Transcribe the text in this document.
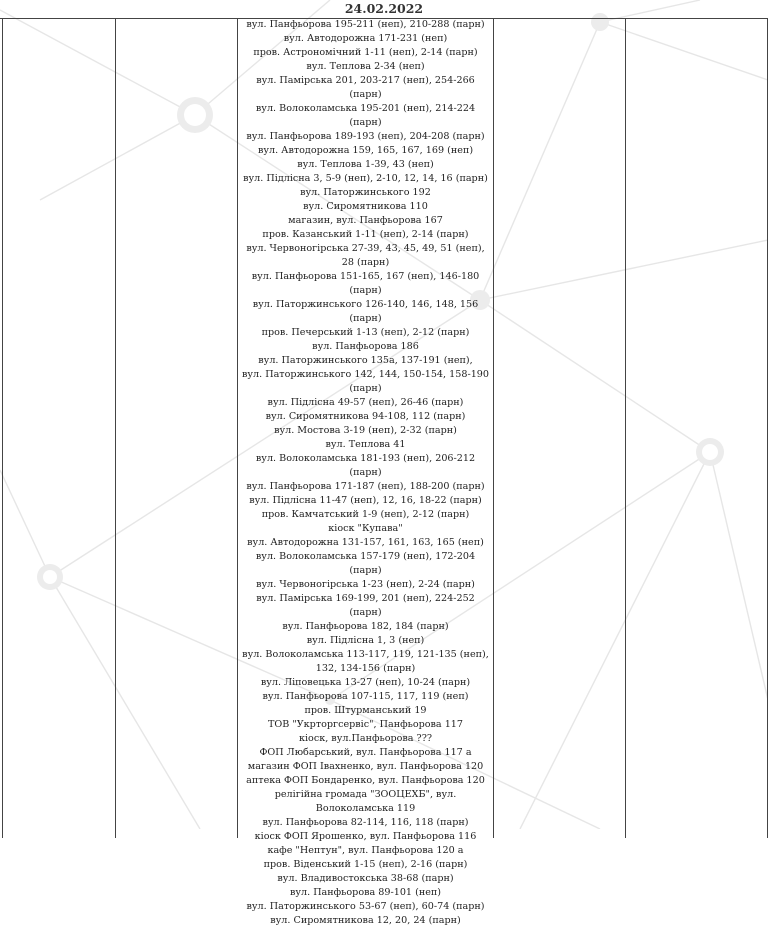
24.02.2022
вул. Панфьорова 195-211 (неп), 210-288 (парн)
вул. Автодорожна 171-231 (неп)
пров. Астрономічний 1-11 (неп), 2-14 (парн)
вул. Теплова 2-34 (неп)
вул. Памірська 201, 203-217 (неп), 254-266 (парн)
вул. Волоколамська 195-201 (неп), 214-224 (парн)
вул. Панфьорова 189-193 (неп), 204-208 (парн)
вул. Автодорожна 159, 165, 167, 169 (неп)
вул. Теплова 1-39, 43 (неп)
вул. Підлісна 3, 5-9 (неп), 2-10, 12, 14, 16 (парн)
вул. Паторжинського 192
вул. Сиромятникова 110
магазин, вул. Панфьорова 167
пров. Казанський 1-11 (неп), 2-14 (парн)
вул. Червоногірська 27-39, 43, 45, 49, 51 (неп), 28 (парн)
вул. Панфьорова 151-165, 167 (неп), 146-180 (парн)
вул. Паторжинського 126-140, 146, 148, 156 (парн)
пров. Печерський 1-13 (неп), 2-12 (парн)
вул. Панфьорова 186
вул. Паторжинського 135а, 137-191 (неп),
вул. Паторжинського 142, 144, 150-154, 158-190 (парн)
вул. Підлісна 49-57 (неп), 26-46 (парн)
вул. Сиромятникова 94-108, 112 (парн)
вул. Мостова 3-19 (неп), 2-32 (парн)
вул. Теплова 41
вул. Волоколамська 181-193 (неп), 206-212 (парн)
вул. Панфьорова 171-187 (неп), 188-200 (парн)
вул. Підлісна 11-47 (неп), 12, 16, 18-22 (парн)
пров. Камчатський 1-9 (неп), 2-12 (парн)
кіоск "Купава"
вул. Автодорожна 131-157, 161, 163, 165 (неп)
вул. Волоколамська 157-179 (неп), 172-204 (парн)
вул. Червоногірська 1-23 (неп), 2-24 (парн)
вул. Памірська 169-199, 201 (неп), 224-252 (парн)
вул. Панфьорова 182, 184 (парн)
вул. Підлісна 1, 3 (неп)
вул. Волоколамська 113-117, 119, 121-135 (неп), 132, 134-156 (парн)
вул. Ліповецька 13-27 (неп), 10-24 (парн)
вул. Панфьорова 107-115, 117, 119 (неп)
пров. Штурманський 19
ТОВ "Укрторгсервіс", Панфьорова 117
кіоск, вул.Панфьорова ???
ФОП Любарський, вул. Панфьорова 117 а
магазин ФОП Івахненко, вул. Панфьорова 120
аптека ФОП Бондаренко, вул. Панфьорова 120
релігійна громада "ЗООЦЕХБ", вул. Волоколамська 119
вул. Панфьорова 82-114, 116, 118 (парн)
кіоск ФОП Ярошенко, вул. Панфьорова 116
кафе "Нептун", вул. Панфьорова 120 а
пров. Віденський 1-15 (неп), 2-16 (парн)
вул. Владивостокська 38-68 (парн)
вул. Панфьорова 89-101 (неп)
вул. Паторжинського 53-67 (неп), 60-74 (парн)
вул. Сиромятникова 12, 20, 24 (парн)
